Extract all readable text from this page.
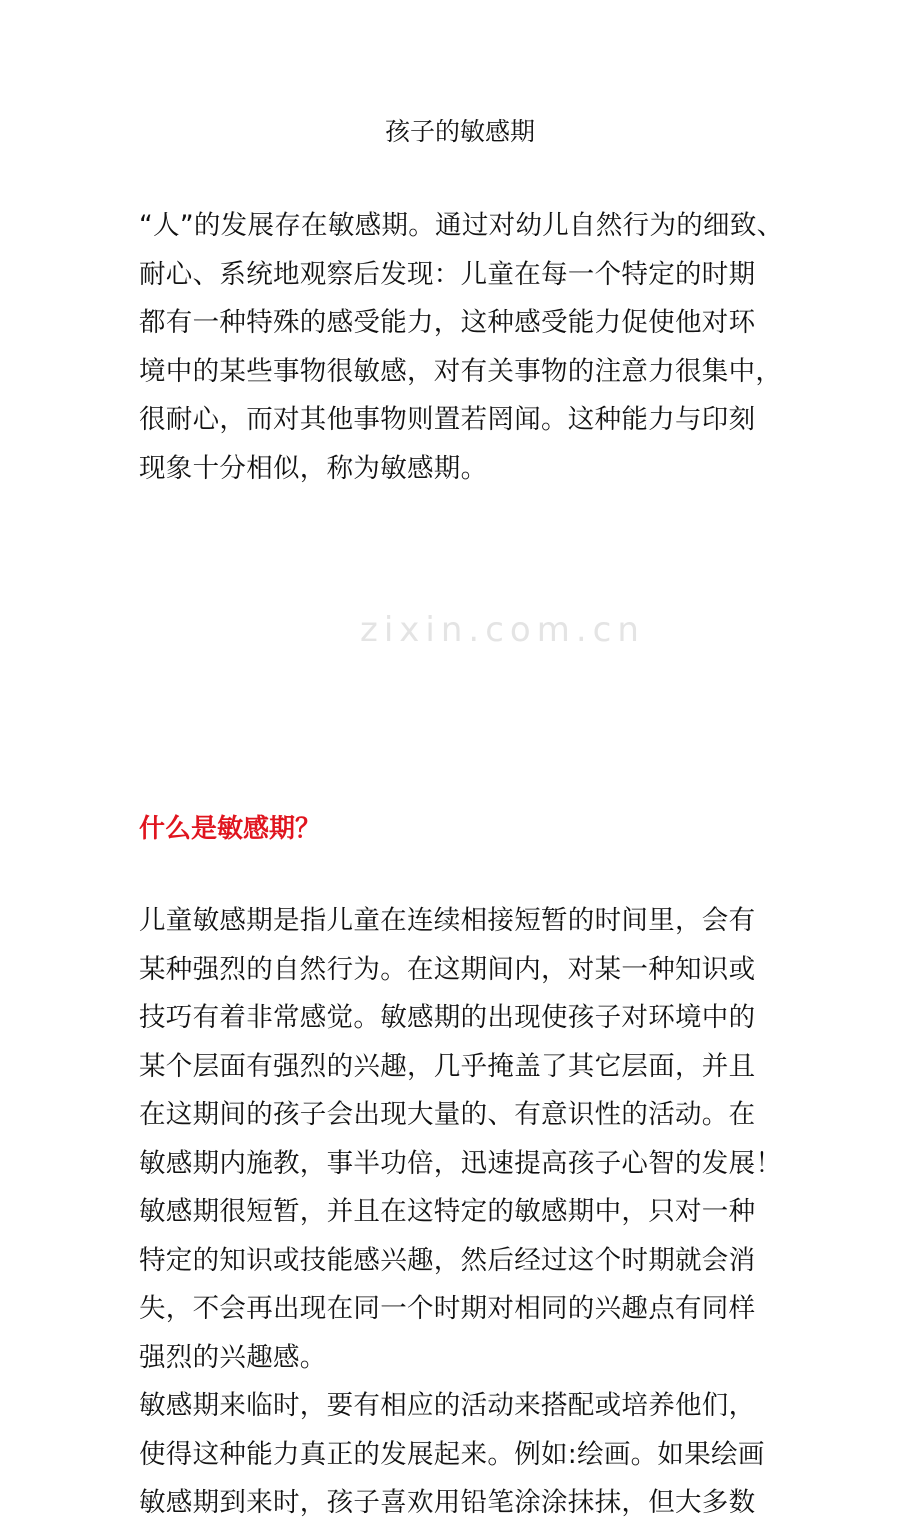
zixin.com.cn
孩子的敏感期
“人”的发展存在敏感期。通过对幼儿自然行为的细致、
耐心、系统地观察后发现：儿童在每一个特定的时期
都有一种特殊的感受能力，这种感受能力促使他对环
境中的某些事物很敏感，对有关事物的注意力很集中，
很耐心，而对其他事物则置若罔闻。这种能力与印刻
现象十分相似，称为敏感期。
什么是敏感期？
儿童敏感期是指儿童在连续相接短暂的时间里，会有
某种强烈的自然行为。在这期间内，对某一种知识或
技巧有着非常感觉。敏感期的出现使孩子对环境中的
某个层面有强烈的兴趣，几乎掩盖了其它层面，并且
在这期间的孩子会出现大量的、有意识性的活动。在
敏感期内施教，事半功倍，迅速提高孩子心智的发展！
敏感期很短暂，并且在这特定的敏感期中，只对一种
特定的知识或技能感兴趣，然后经过这个时期就会消
失，不会再出现在同一个时期对相同的兴趣点有同样
强烈的兴趣感。
敏感期来临时，要有相应的活动来搭配或培养他们，
使得这种能力真正的发展起来。例如:绘画。如果绘画
敏感期到来时，孩子喜欢用铅笔涂涂抹抹，但大多数
